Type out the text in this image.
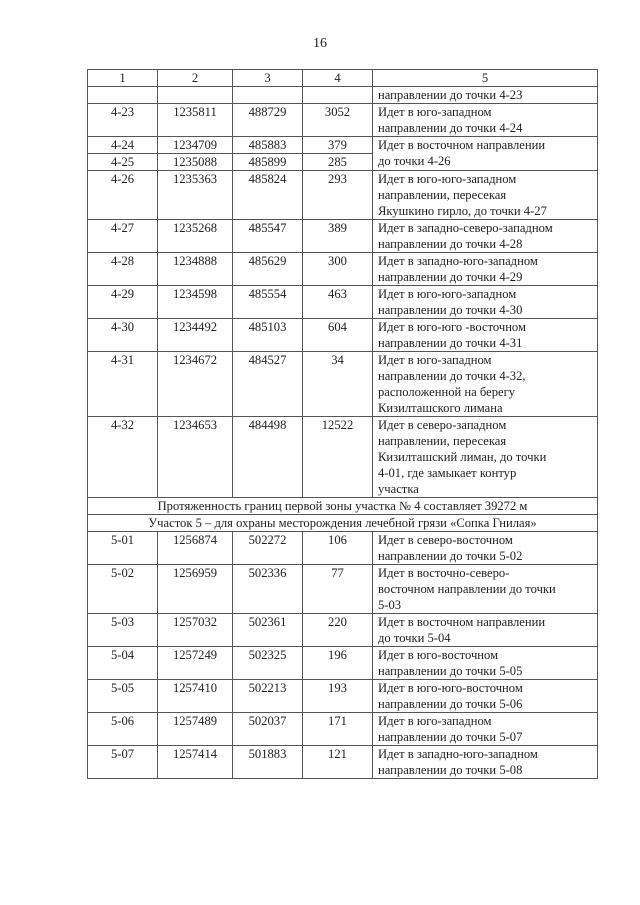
16
1	2	3	4	5
				направлении до точки 4-23
4-23	1235811	488729	3052	Идет в юго-западном
направлении до точки 4-24
4-24	1234709	485883	379	Идет в восточном направлении
до точки 4-26
4-25	1235088	485899	285	
4-26	1235363	485824	293	Идет в юго-юго-западном
направлении, пересекая
Якушкино гирло, до точки 4-27
4-27	1235268	485547	389	Идет в западно-северо-западном
направлении до точки 4-28
4-28	1234888	485629	300	Идет в западно-юго-западном
направлении до точки 4-29
4-29	1234598	485554	463	Идет в юго-юго-западном
направлении до точки 4-30
4-30	1234492	485103	604	Идет в юго-юго -восточном
направлении до точки 4-31
4-31	1234672	484527	34	Идет в юго-западном
направлении до точки 4-32,
расположенной на берегу
Кизилташского лимана
4-32	1234653	484498	12522	Идет в северо-западном
направлении, пересекая
Кизилташский лиман, до точки
4-01, где замыкает контур
участка
Протяженность границ первой зоны участка № 4 составляет 39272 м				
Участок 5 – для охраны месторождения лечебной грязи «Сопка Гнилая»				
5-01	1256874	502272	106	Идет в северо-восточном
направлении до точки 5-02
5-02	1256959	502336	77	Идет в восточно-северо-
восточном направлении до точки
5-03
5-03	1257032	502361	220	Идет в восточном направлении
до точки 5-04
5-04	1257249	502325	196	Идет в юго-восточном
направлении до точки 5-05
5-05	1257410	502213	193	Идет в юго-юго-восточном
направлении до точки 5-06
5-06	1257489	502037	171	Идет в юго-западном
направлении до точки 5-07
5-07	1257414	501883	121	Идет в западно-юго-западном
направлении до точки 5-08
